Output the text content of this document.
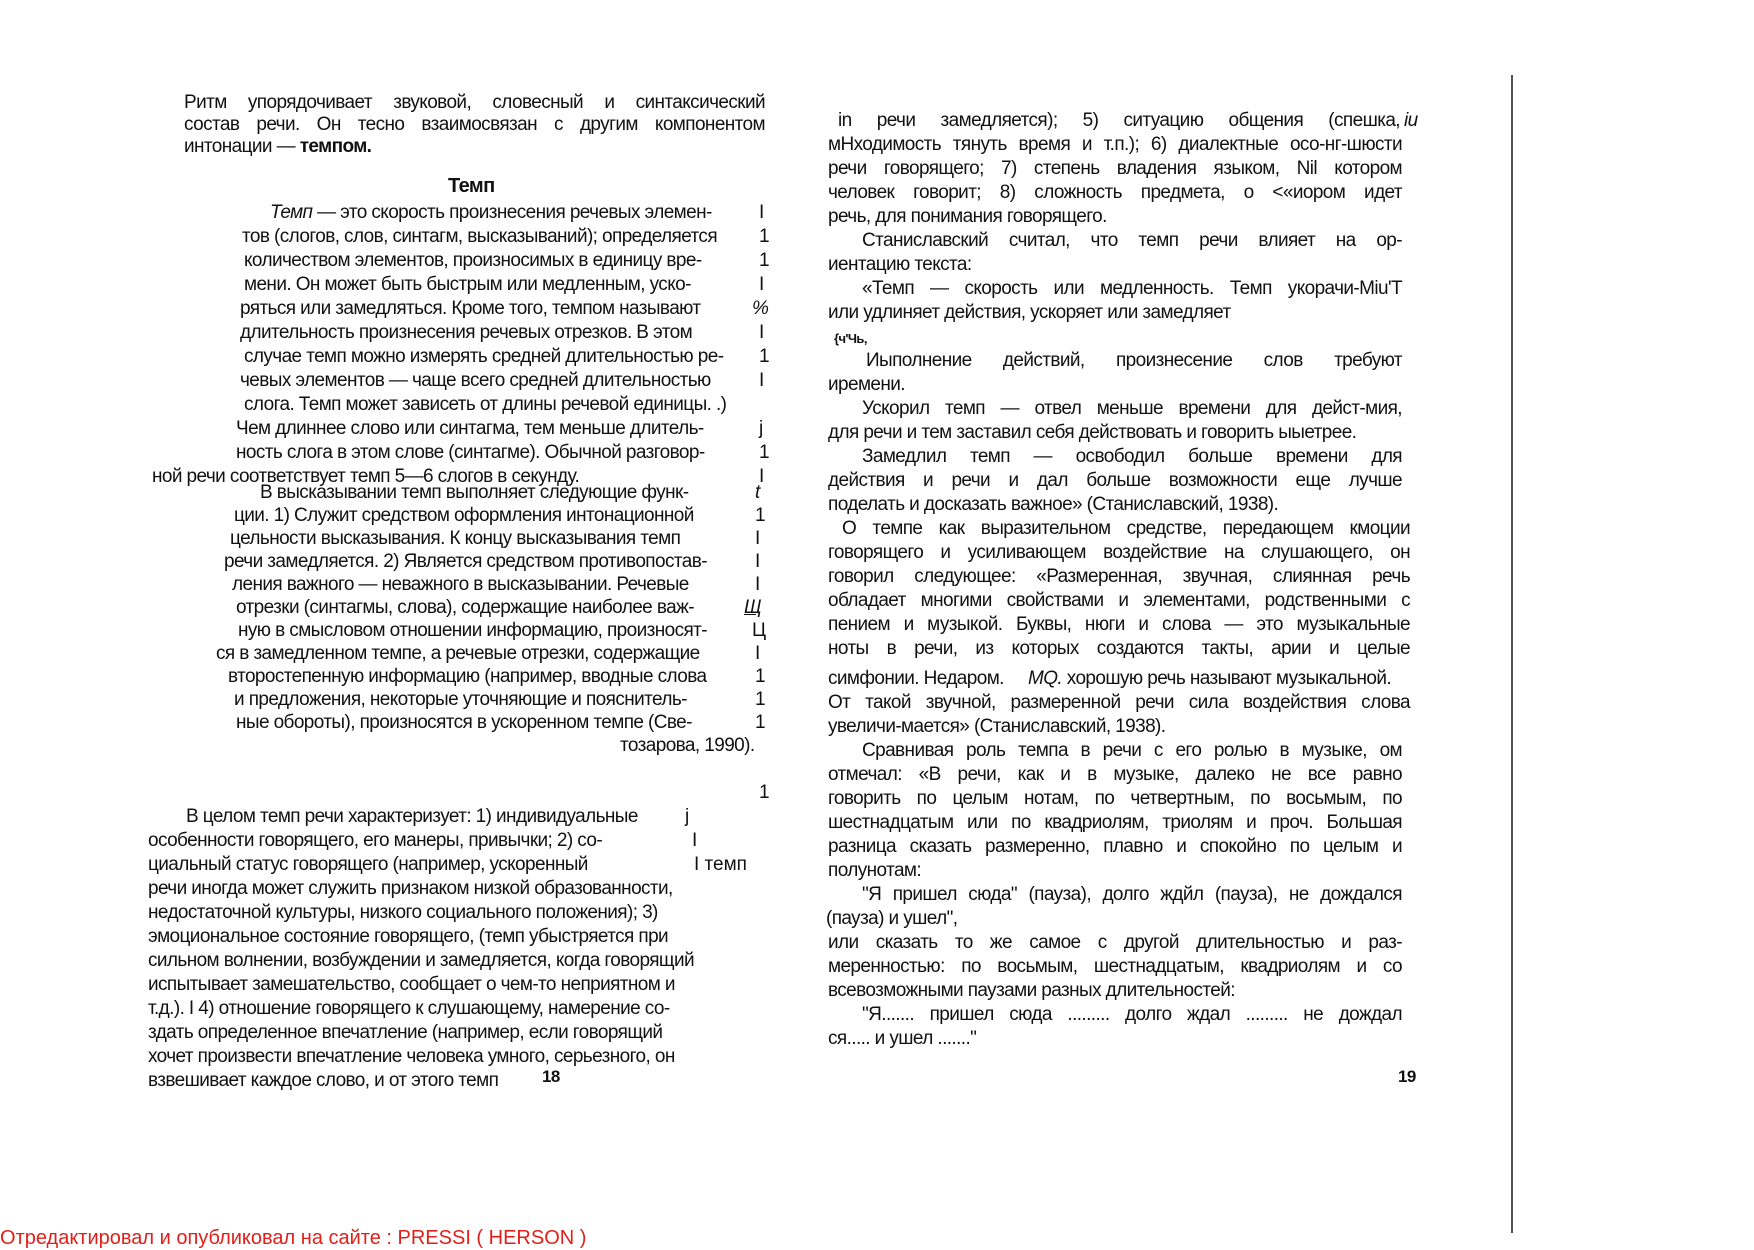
Ритм упорядочивает звуковой, словесный и синтаксический
состав речи. Он тесно взаимосвязан с другим компонентом
интонации — темпом.
Темп
Темп — это скорость произнесения речевых элемен-
тов (слогов, слов, синтагм, высказываний); определяется
количеством элементов, произносимых в единицу вре-
мени. Он может быть быстрым или медленным, уско-
ряться или замедляться. Кроме того, темпом называют
длительность произнесения речевых отрезков. В этом
случае темп можно измерять средней длительностью ре-
чевых элементов — чаще всего средней длительностью
слога. Темп может зависеть от длины речевой единицы. .)
Чем длиннее слово или синтагма, тем меньше длитель-
ность слога в этом слове (синтагме). Обычной разговор-
ной речи соответствует темп 5—6 слогов в секунду.
I
1
1
I
%
I
1
I
j
1
I
В высказывании темп выполняет следующие функ-
ции. 1) Служит средством оформления интонационной
цельности высказывания. К концу высказывания темп
речи замедляется. 2) Является средством противопостав-
ления важного — неважного в высказывании. Речевые
отрезки (синтагмы, слова), содержащие наиболее важ-
ную в смысловом отношении информацию, произносят-
ся в замедленном темпе, а речевые отрезки, содержащие
второстепенную информацию (например, вводные слова
и предложения, некоторые уточняющие и пояснитель-
ные обороты), произносятся в ускоренном темпе (Све-
тозарова, 1990).
t
1
I
I
I
Щ
Ц
I
1
1
1
1
В целом темп речи характеризует: 1) индивидуальные
особенности говорящего, его манеры, привычки; 2) со-
циальный статус говорящего (например, ускоренный
речи иногда может служить признаком низкой образованности,
недостаточной культуры, низкого социального положения); 3)
эмоциональное состояние говорящего, (темп убыстряется при
сильном волнении, возбуждении и замедляется, когда говорящий
испытывает замешательство, сообщает о чем-то неприятном и
т.д.). I 4) отношение говорящего к слушающему, намерение со-
здать определенное впечатление (например, если говорящий
хочет произвести впечатление человека умного, серьезного, он
взвешивает каждое слово, и от этого темп
j
I
I темп
18
in речи замедляется); 5) ситуацию общения (спешка,
мНходимость тянуть время и т.п.); 6) диалектные осо-нг-шюсти
речи говорящего; 7) степень владения языком, Nil котором
человек говорит; 8) сложность предмета, о <«иором идет
речь, для понимания говорящего.
Станиславский считал, что темп речи влияет на ор-
иентацию текста:
«Темп — скорость или медленность. Темп укорачи-Miu'T
или удлиняет действия, ускоряет или замедляет
iu
{ч'Чь,
Иыполнение действий, произнесение слов требуют
иремени.
Ускорил темп — отвел меньше времени для дейст-мия,
для речи и тем заставил себя действовать и говорить ыыетрее.
Замедлил темп — освободил больше времени для
действия и речи и дал больше возможности еще лучше
поделать и досказать важное» (Станиславский, 1938).
О темпе как выразительном средстве, передающем кмоции
говорящего и усиливающем воздействие на слушающего, он
говорил следующее: «Размеренная, звучная, слиянная речь
обладает многими свойствами и элементами, родственными с
пением и музыкой. Буквы, нюги и слова — это музыкальные
ноты в речи, из которых создаются такты, арии и целые
симфонии. Недаром.
От такой звучной, размеренной речи сила воздействия слова
увеличи-мается» (Станиславский, 1938).
Сравнивая роль темпа в речи с его ролью в музыке, ом
отмечал: «В речи, как и в музыке, далеко не все равно
говорить по целым нотам, по четвертным, по восьмым, по
шестнадцатым или по квадриолям, триолям и проч. Большая
разница сказать размеренно, плавно и спокойно по целым и
полунотам:
"Я пришел сюда" (пауза), долго ждйл (пауза), не дождался
(пауза) и ушел",
или сказать то же самое с другой длительностью и раз-
меренностью: по восьмым, шестнадцатым, квадриолям и со
всевозможными паузами разных длительностей:
"Я....... пришел сюда ......... долго ждал ......... не дождал
ся..... и ушел ......."
MQ. хорошую речь называют музыкальной.
19
Отредактировал и опубликовал на сайте : PRESSI ( HERSON )
